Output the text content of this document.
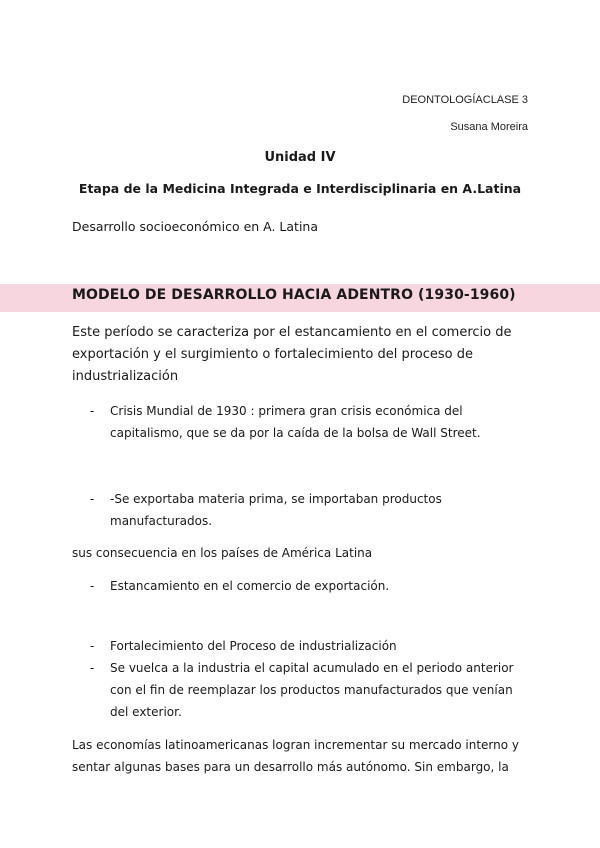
DEONTOLOGÍACLASE 3
Susana Moreira
Unidad IV
Etapa de la Medicina Integrada e Interdisciplinaria en A.Latina
Desarrollo socioeconómico en A. Latina
MODELO DE DESARROLLO HACIA ADENTRO (1930-1960)
Este período se caracteriza por el estancamiento en el comercio de exportación y el surgimiento o fortalecimiento del proceso de industrialización
- Crisis Mundial de 1930 : primera gran crisis económica del capitalismo, que se da por la caída de la bolsa de Wall Street.
- -Se exportaba materia prima, se importaban productos manufacturados.
sus consecuencia en los países de América Latina
- Estancamiento en el comercio de exportación.
- Fortalecimiento del Proceso de industrialización
- Se vuelca a la industria el capital acumulado en el periodo anterior con el fin de reemplazar los productos manufacturados que venían del exterior.
Las economías latinoamericanas logran incrementar su mercado interno y sentar algunas bases para un desarrollo más autónomo. Sin embargo, la
